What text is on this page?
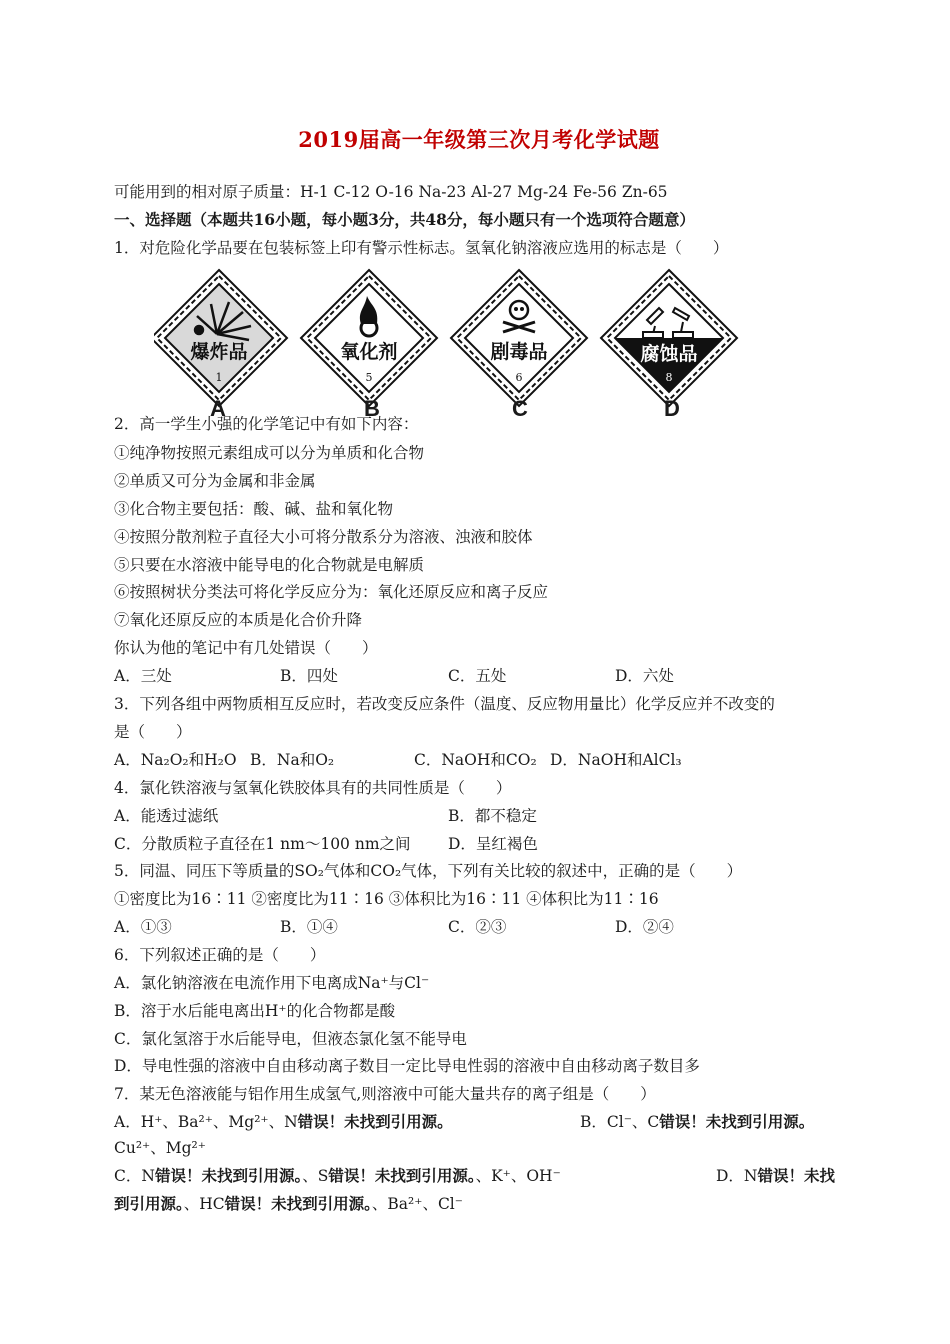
2019届高一年级第三次月考化学试题
可能用到的相对原子质量：H-1 C-12 O-16 Na-23 Al-27 Mg-24 Fe-56 Zn-65
一、选择题（本题共16小题，每小题3分，共48分，每小题只有一个选项符合题意）
1．对危险化学品要在包装标签上印有警示性标志。氢氧化钠溶液应选用的标志是（　　）
爆炸品
1
氧化剂
5
剧毒品
6
腐蚀品
8
A	B	C	D
2．高一学生小强的化学笔记中有如下内容：
①纯净物按照元素组成可以分为单质和化合物
②单质又可分为金属和非金属
③化合物主要包括：酸、碱、盐和氧化物
④按照分散剂粒子直径大小可将分散系分为溶液、浊液和胶体
⑤只要在水溶液中能导电的化合物就是电解质
⑥按照树状分类法可将化学反应分为：氧化还原反应和离子反应
⑦氧化还原反应的本质是化合价升降
你认为他的笔记中有几处错误（　　）
A．三处	B．四处	C．五处	D．六处
3．下列各组中两物质相互反应时，若改变反应条件（温度、反应物用量比）化学反应并不改变的
是（　　）
A．Na₂O₂和H₂O B．Na和O₂	C．NaOH和CO₂ D．NaOH和AlCl₃
4．氯化铁溶液与氢氧化铁胶体具有的共同性质是（　　）
A．能透过滤纸	B．都不稳定
C．分散质粒子直径在1 nm～100 nm之间 D．呈红褐色
5．同温、同压下等质量的SO₂气体和CO₂气体，下列有关比较的叙述中，正确的是（　　）
①密度比为16∶11 ②密度比为11∶16 ③体积比为16∶11 ④体积比为11∶16
A．①③	B．①④	C．②③	D．②④
6．下列叙述正确的是（　　）
A．氯化钠溶液在电流作用下电离成Na⁺与Cl⁻
B．溶于水后能电离出H⁺的化合物都是酸
C．氯化氢溶于水后能导电，但液态氯化氢不能导电
D．导电性强的溶液中自由移动离子数目一定比导电性弱的溶液中自由移动离子数目多
7．某无色溶液能与铝作用生成氢气,则溶液中可能大量共存的离子组是（　　）
A．H⁺、Ba²⁺、Mg²⁺、N错误！未找到引用源。	B．Cl⁻、C错误！未找到引用源。
Cu²⁺、Mg²⁺
C．N错误！未找到引用源。、S错误！未找到引用源。、K⁺、OH⁻	D．N错误！未找
到引用源。、HC错误！未找到引用源。、Ba²⁺、Cl⁻
